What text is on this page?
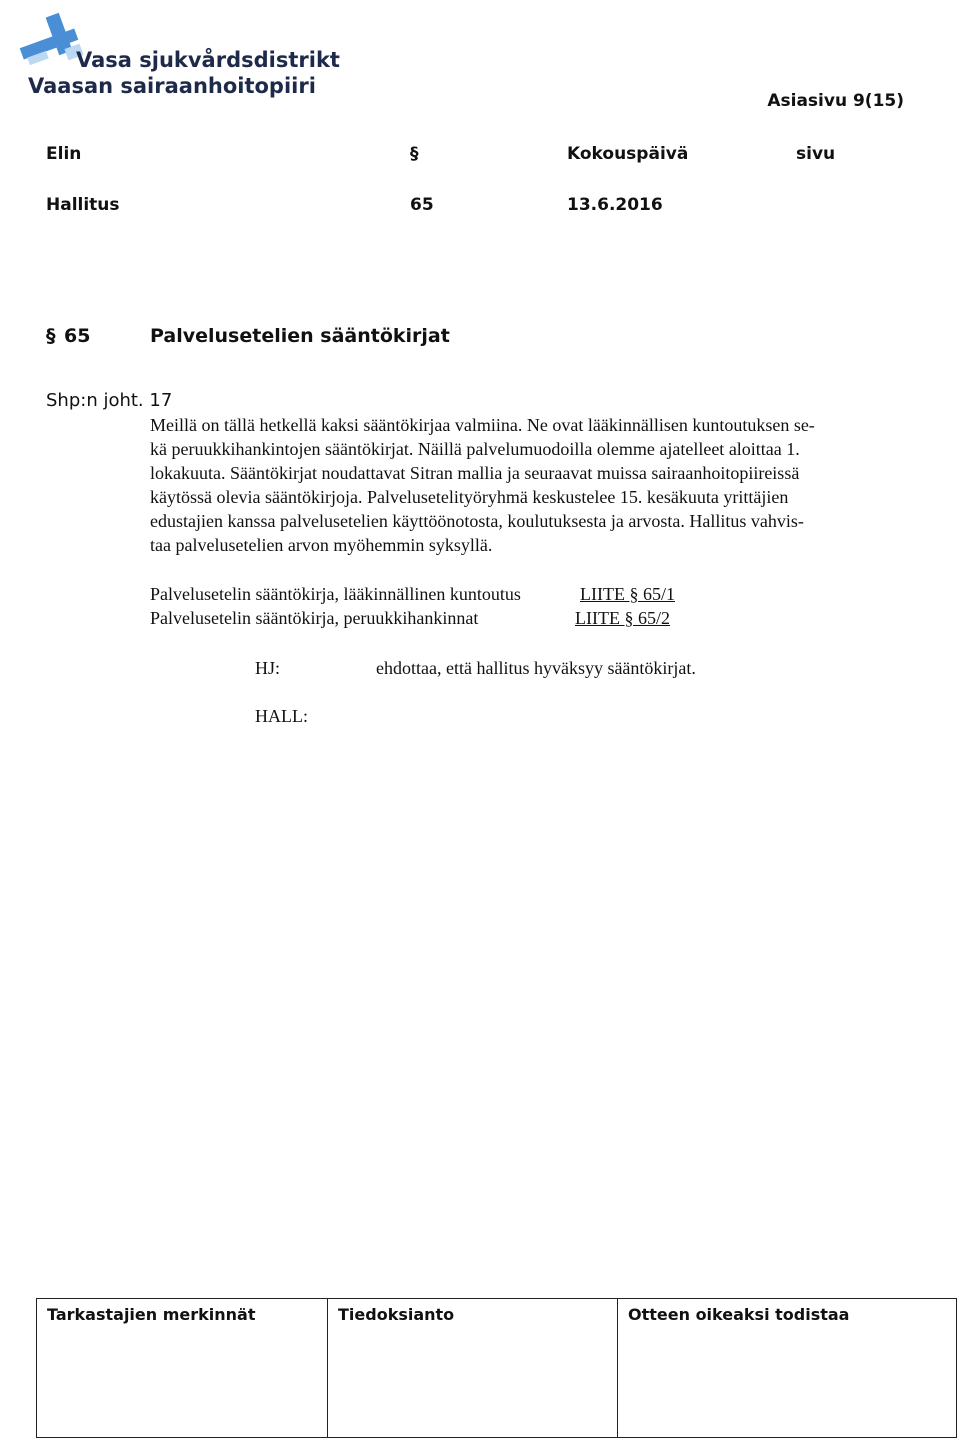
Vasa sjukvårdsdistrikt
Vaasan sairaanhoitopiiri
Asiasivu 9(15)
Elin	§	Kokouspäivä	sivu
Hallitus	65	13.6.2016
§ 65	Palvelusetelien sääntökirjat
Shp:n joht. 17
Meillä on tällä hetkellä kaksi sääntökirjaa valmiina. Ne ovat lääkinnällisen kuntoutuksen se-
kä peruukkihankintojen sääntökirjat. Näillä palvelumuodoilla olemme ajatelleet aloittaa 1.
lokakuuta. Sääntökirjat noudattavat Sitran mallia ja seuraavat muissa sairaanhoitopiireissä
käytössä olevia sääntökirjoja. Palvelusetelityöryhmä keskustelee 15. kesäkuuta yrittäjien
edustajien kanssa palvelusetelien käyttöönotosta, koulutuksesta ja arvosta. Hallitus vahvis-
taa palvelusetelien arvon myöhemmin syksyllä.
Palvelusetelin sääntökirja, lääkinnällinen kuntoutus	LIITE § 65/1
Palvelusetelin sääntökirja, peruukkihankinnat	LIITE § 65/2
HJ:	ehdottaa, että hallitus hyväksyy sääntökirjat.
HALL:
Tarkastajien merkinnät	Tiedoksianto	Otteen oikeaksi todistaa
